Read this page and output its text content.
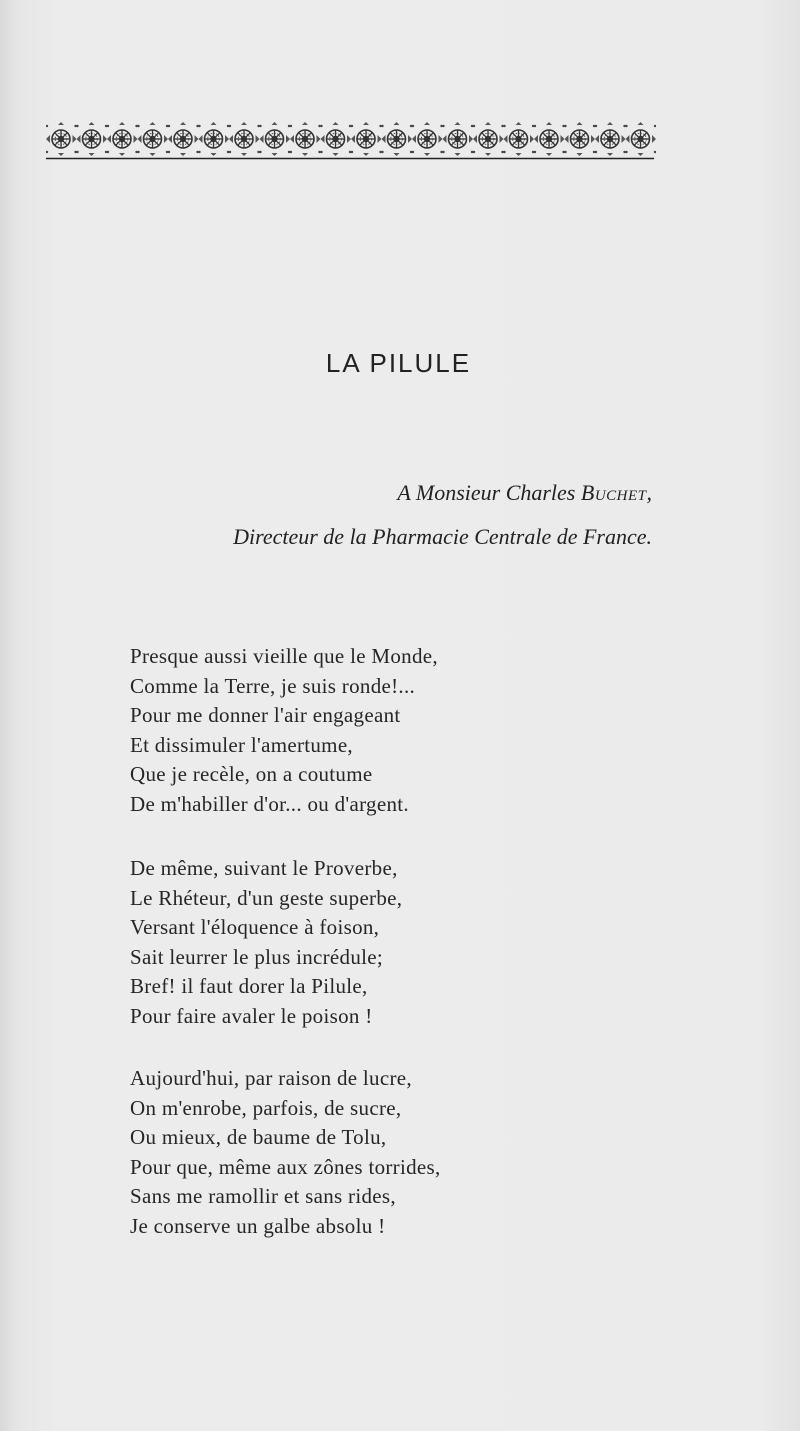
LA PILULE
A Monsieur Charles Buchet,
Directeur de la Pharmacie Centrale de France.
Presque aussi vieille que le Monde,
Comme la Terre, je suis ronde!...
Pour me donner l'air engageant
Et dissimuler l'amertume,
Que je recèle, on a coutume
De m'habiller d'or... ou d'argent.
De même, suivant le Proverbe,
Le Rhéteur, d'un geste superbe,
Versant l'éloquence à foison,
Sait leurrer le plus incrédule;
Bref! il faut dorer la Pilule,
Pour faire avaler le poison !
Aujourd'hui, par raison de lucre,
On m'enrobe, parfois, de sucre,
Ou mieux, de baume de Tolu,
Pour que, même aux zônes torrides,
Sans me ramollir et sans rides,
Je conserve un galbe absolu !
